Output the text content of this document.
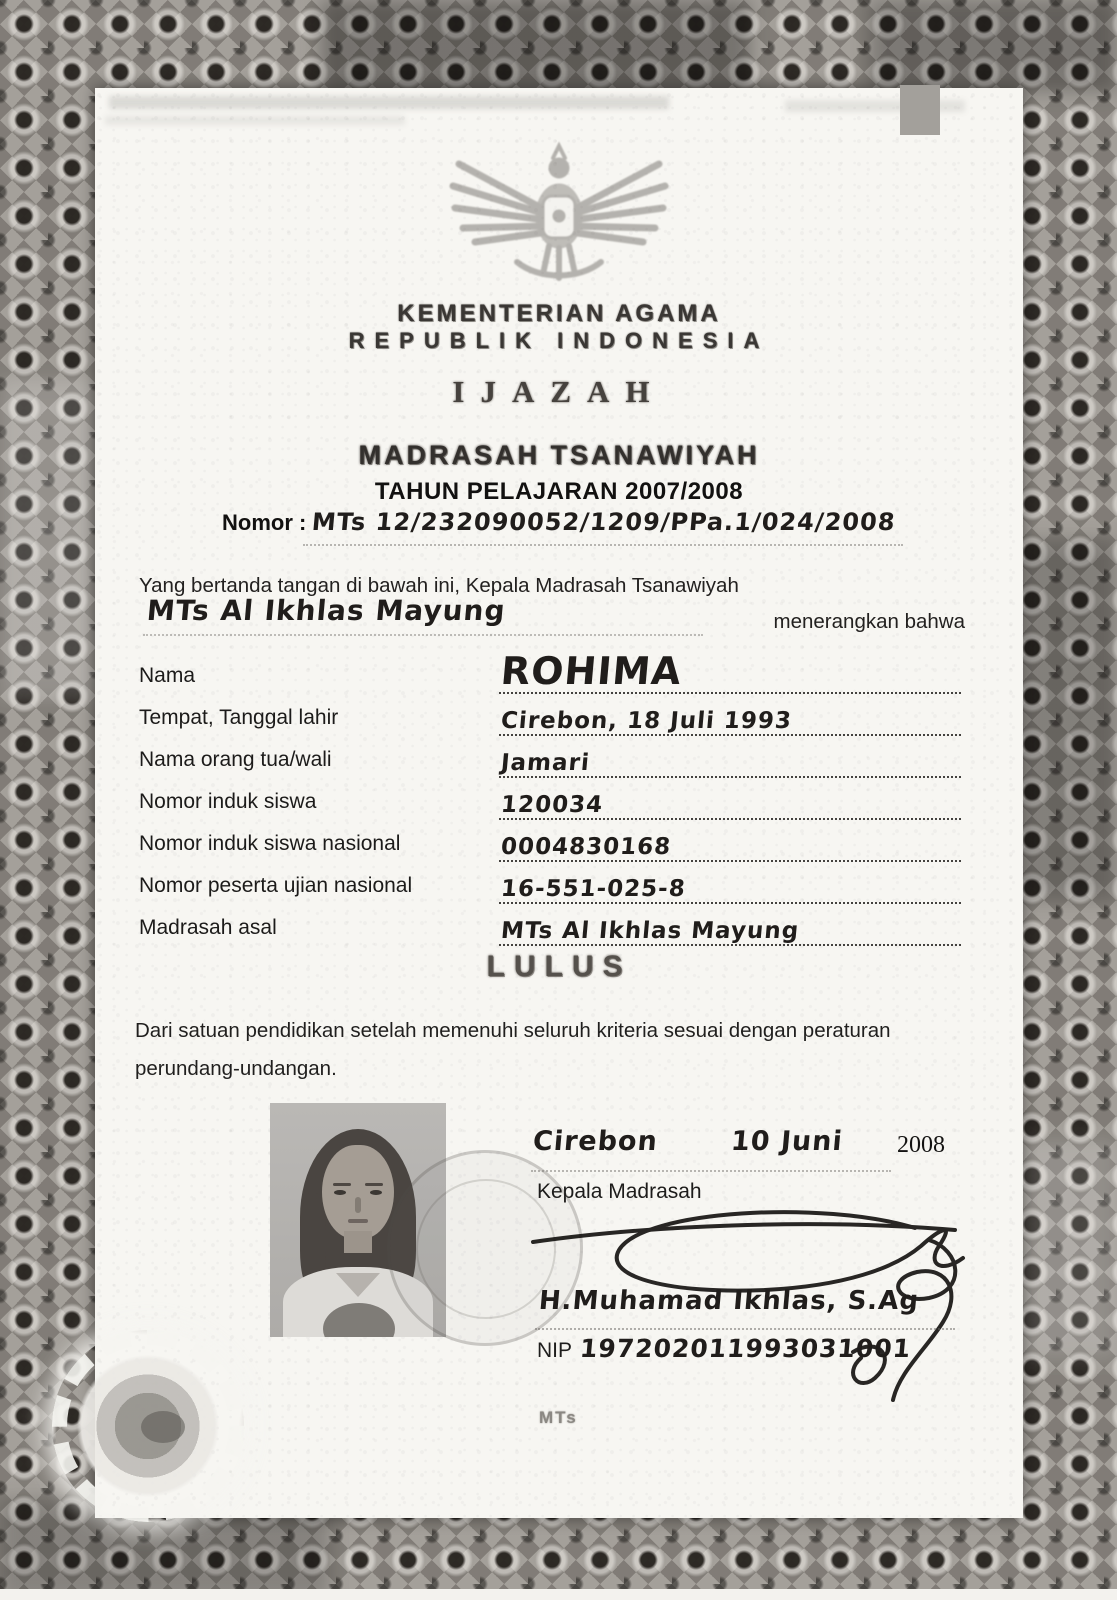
KEMENTERIAN AGAMA
REPUBLIK INDONESIA
IJAZAH
MADRASAH TSANAWIYAH
TAHUN PELAJARAN 2007/2008
Nomor : MTs 12/232090052/1209/PPa.1/024/2008
Yang bertanda tangan di bawah ini, Kepala Madrasah Tsanawiyah
MTs Al Ikhlas Mayung	menerangkan bahwa
Nama	ROHIMA
Tempat, Tanggal lahir	Cirebon, 18 Juli 1993
Nama orang tua/wali	Jamari
Nomor induk siswa	120034
Nomor induk siswa nasional	0004830168
Nomor peserta ujian nasional	16-551-025-8
Madrasah asal	MTs Al Ikhlas Mayung
LULUS
Dari satuan pendidikan setelah memenuhi seluruh kriteria sesuai dengan peraturan perundang-undangan.
Cirebon	10 Juni 2008
Kepala Madrasah
H.Muhamad Ikhlas, S.Ag
NIP 197202011993031001
MTs
